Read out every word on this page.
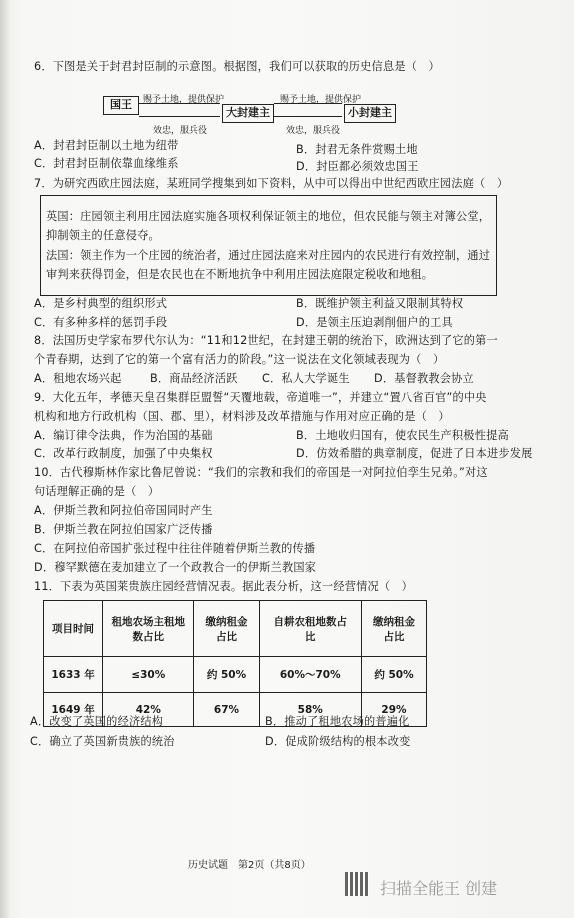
6．下图是关于封君封臣制的示意图。根据图，我们可以获取的历史信息是（　）
国王
大封建主	小封建主
赐予土地，提供保护
效忠，服兵役
赐予土地，提供保护
效忠，服兵役
A．封君封臣制以土地为纽带	B．封君无条件赏赐土地
C．封君封臣制依靠血缘维系	D．封臣都必须效忠国王
7．为研究西欧庄园法庭，某班同学搜集到如下资料，从中可以得出中世纪西欧庄园法庭（　）
英国：庄园领主利用庄园法庭实施各项权利保证领主的地位，但农民能与领主对簿公堂，
抑制领主的任意侵夺。
法国：领主作为一个庄园的统治者，通过庄园法庭来对庄园内的农民进行有效控制，通过
审判来获得罚金，但是农民也在不断地抗争中利用庄园法庭限定税收和地租。
A．是乡村典型的组织形式	B．既维护领主利益又限制其特权
C．有多种多样的惩罚手段	D．是领主压迫剥削佃户的工具
8．法国历史学家布罗代尔认为：“11和12世纪，在封建王朝的统治下，欧洲达到了它的第一
个青春期，达到了它的第一个富有活力的阶段。”这一说法在文化领域表现为（　）
A．租地农场兴起	B．商品经济活跃 C．私人大学诞生 D．基督教教会协立
9．大化五年，孝德天皇召集群臣盟誓“天覆地载，帝道唯一”，并建立“置八省百官”的中央
机构和地方行政机构（国、郡、里），材料涉及改革措施与作用对应正确的是（　）
A．编订律令法典，作为治国的基础	B．土地收归国有，使农民生产积极性提高
C．改革行政制度，加强了中央集权	D．仿效希腊的典章制度，促进了日本进步发展
10．古代穆斯林作家比鲁尼曾说：“我们的宗教和我们的帝国是一对阿拉伯孪生兄弟。”对这
句话理解正确的是（　）
A．伊斯兰教和阿拉伯帝国同时产生
B．伊斯兰教在阿拉伯国家广泛传播
C．在阿拉伯帝国扩张过程中往往伴随着伊斯兰教的传播
D．穆罕默德在麦加建立了一个政教合一的伊斯兰教国家
11．下表为英国莱贵族庄园经营情况表。据此表分析，这一经营情况（　）
项目时间	租地农场主租地数占比	缴纳租金占比	自耕农租地数占比	缴纳租金占比
1633 年	≤30%	约 50%	60%～70%	约 50%
1649 年	42%	67%	58%	29%
A．改变了英国的经济结构	B．推动了租地农场的普遍化
C．确立了英国新贵族的统治	D．促成阶级结构的根本改变
历史试题　第2页（共8页）
扫描全能王 创建
